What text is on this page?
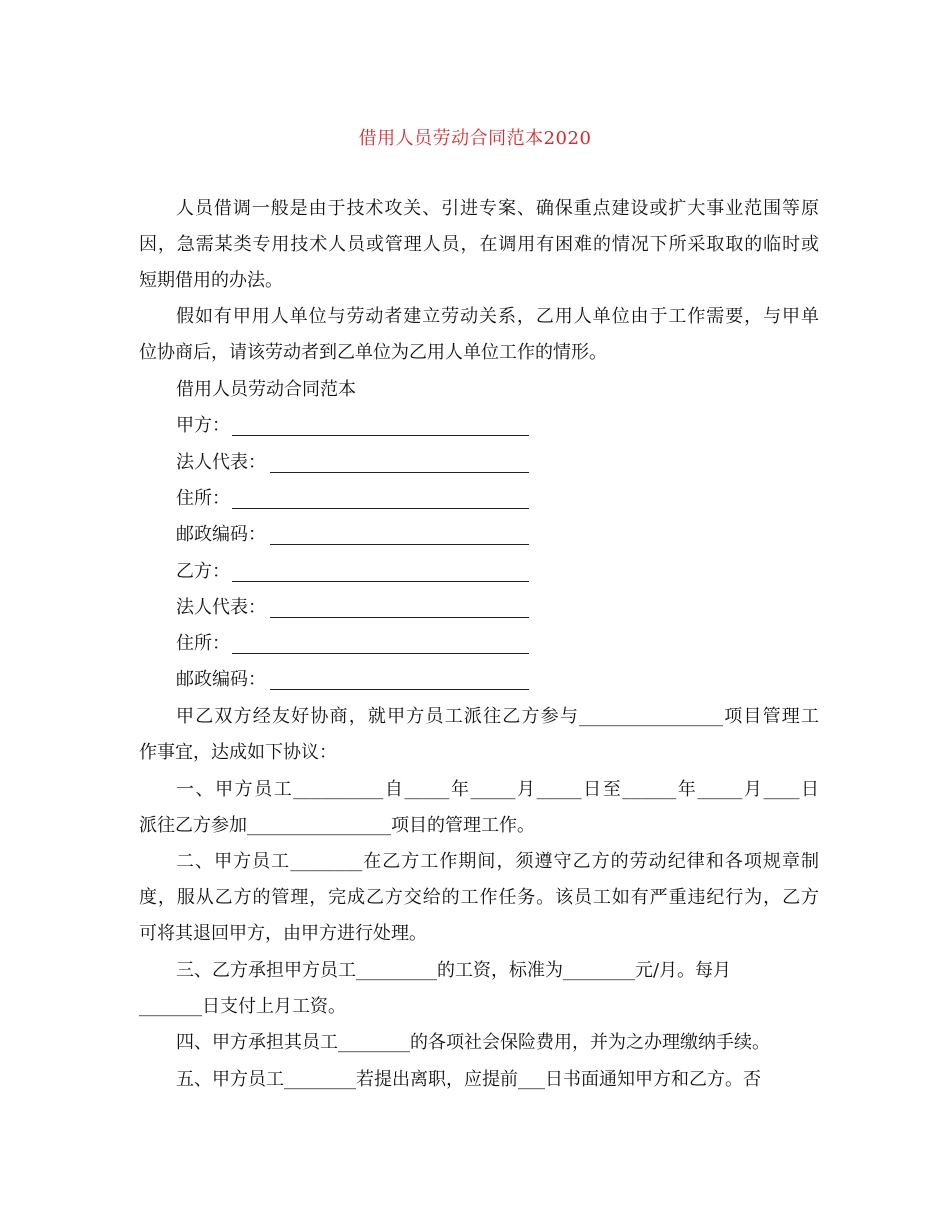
借用人员劳动合同范本2020
人员借调一般是由于技术攻关、引进专案、确保重点建设或扩大事业范围等原
因，急需某类专用技术人员或管理人员，在调用有困难的情况下所采取取的临时或
短期借用的办法。
假如有甲用人单位与劳动者建立劳动关系，乙用人单位由于工作需要，与甲单
位协商后，请该劳动者到乙单位为乙用人单位工作的情形。
借用人员劳动合同范本
甲方：
法人代表：
住所：
邮政编码：
乙方：
法人代表：
住所：
邮政编码：
甲乙双方经友好协商，就甲方员工派往乙方参与________________项目管理工
作事宜，达成如下协议：
一、甲方员工__________自_____年_____月_____日至______年_____月____日
派往乙方参加________________项目的管理工作。
二、甲方员工________在乙方工作期间，须遵守乙方的劳动纪律和各项规章制
度，服从乙方的管理，完成乙方交给的工作任务。该员工如有严重违纪行为，乙方
可将其退回甲方，由甲方进行处理。
三、乙方承担甲方员工_________的工资，标准为________元/月。每月
_______日支付上月工资。
四、甲方承担其员工________的各项社会保险费用，并为之办理缴纳手续。
五、甲方员工________若提出离职，应提前___日书面通知甲方和乙方。否
